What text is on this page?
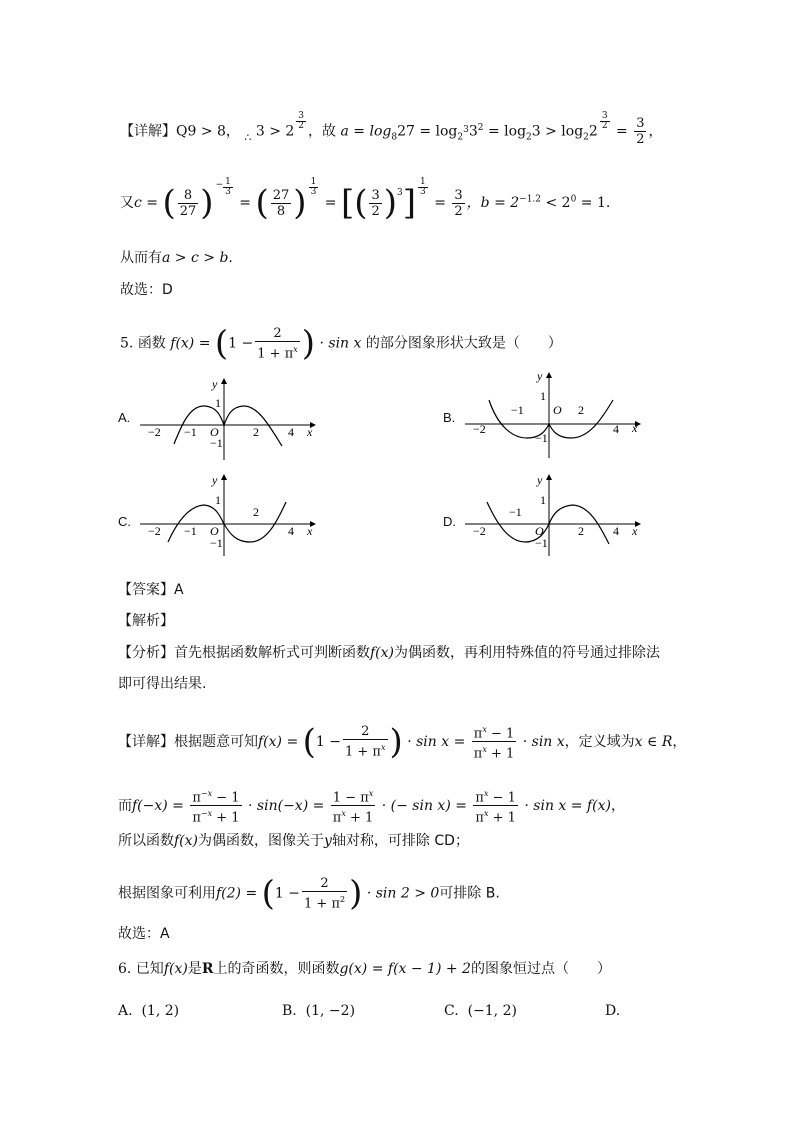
【详解】Q9 > 8， $_\therefore$ 3 > 2
$\frac{3}{2}$
，故 $a = \log_827 = \log_2^33^2 = \log_23 > \log_22$
$\frac{3}{2}$
= $\frac{3}{2}$ ，
又c = ( $\frac{8}{27}$ ) − $\frac{1}{3}$
= ( $\frac{27}{8}$ ) $\frac{1}{3}$
= [( $\frac{3}{2} )^3] \frac{1}{3}$
= $\frac{3}{2}$ ，$b = 2^{-1.2} < 2^0 = 1$.
从而有a > c > b.
故选：D
5. 函数 $f(x) = (1 - \frac{2}{1 + \pi^x}$ ) · sin x 的部分图象形状大致是（　　）
A.
y
x
O
1
−1
−2 −1	2 4
B.
y
x
O
1
−1
−2
−1	2
4
C.
y
x
O
1
−1
−2 −1
2
4
D.
y
x
O
1
−1
−2
−1
2 4
【答案】A
【解析】
【分析】首先根据函数解析式可判断函数f(x)为偶函数，再利用特殊值的符号通过排除法
即可得出结果.
【详解】根据题意可知$f(x) = (1 - \frac{2}{1 + \pi^x}$ ) · $\sin x = \frac{\pi^x - 1}{\pi^x + 1} \cdot \sin x$，定义域为x ∈ R，
而$f(-x) = \frac{\pi^{-x} - 1}{\pi^{-x} + 1} \cdot \sin(-x) = \frac{1 - \pi^x}{\pi^x + 1}$ · (− $\sin x) = \frac{\pi^x - 1}{\pi^x + 1} \cdot \sin x = f(x)$，
所以函数f(x)为偶函数，图像关于y轴对称，可排除 CD；
根据图象可利用$f(2) = (1 - \frac{2}{1 + \pi^2}$ ) · sin 2 > 0可排除 B.
故选：A
6. 已知f(x)是R上的奇函数，则函数g(x) = f(x − 1) + 2的图象恒过点（　　）
A. (1, 2)	B. (1, −2)	C. (−1, 2)	D.
